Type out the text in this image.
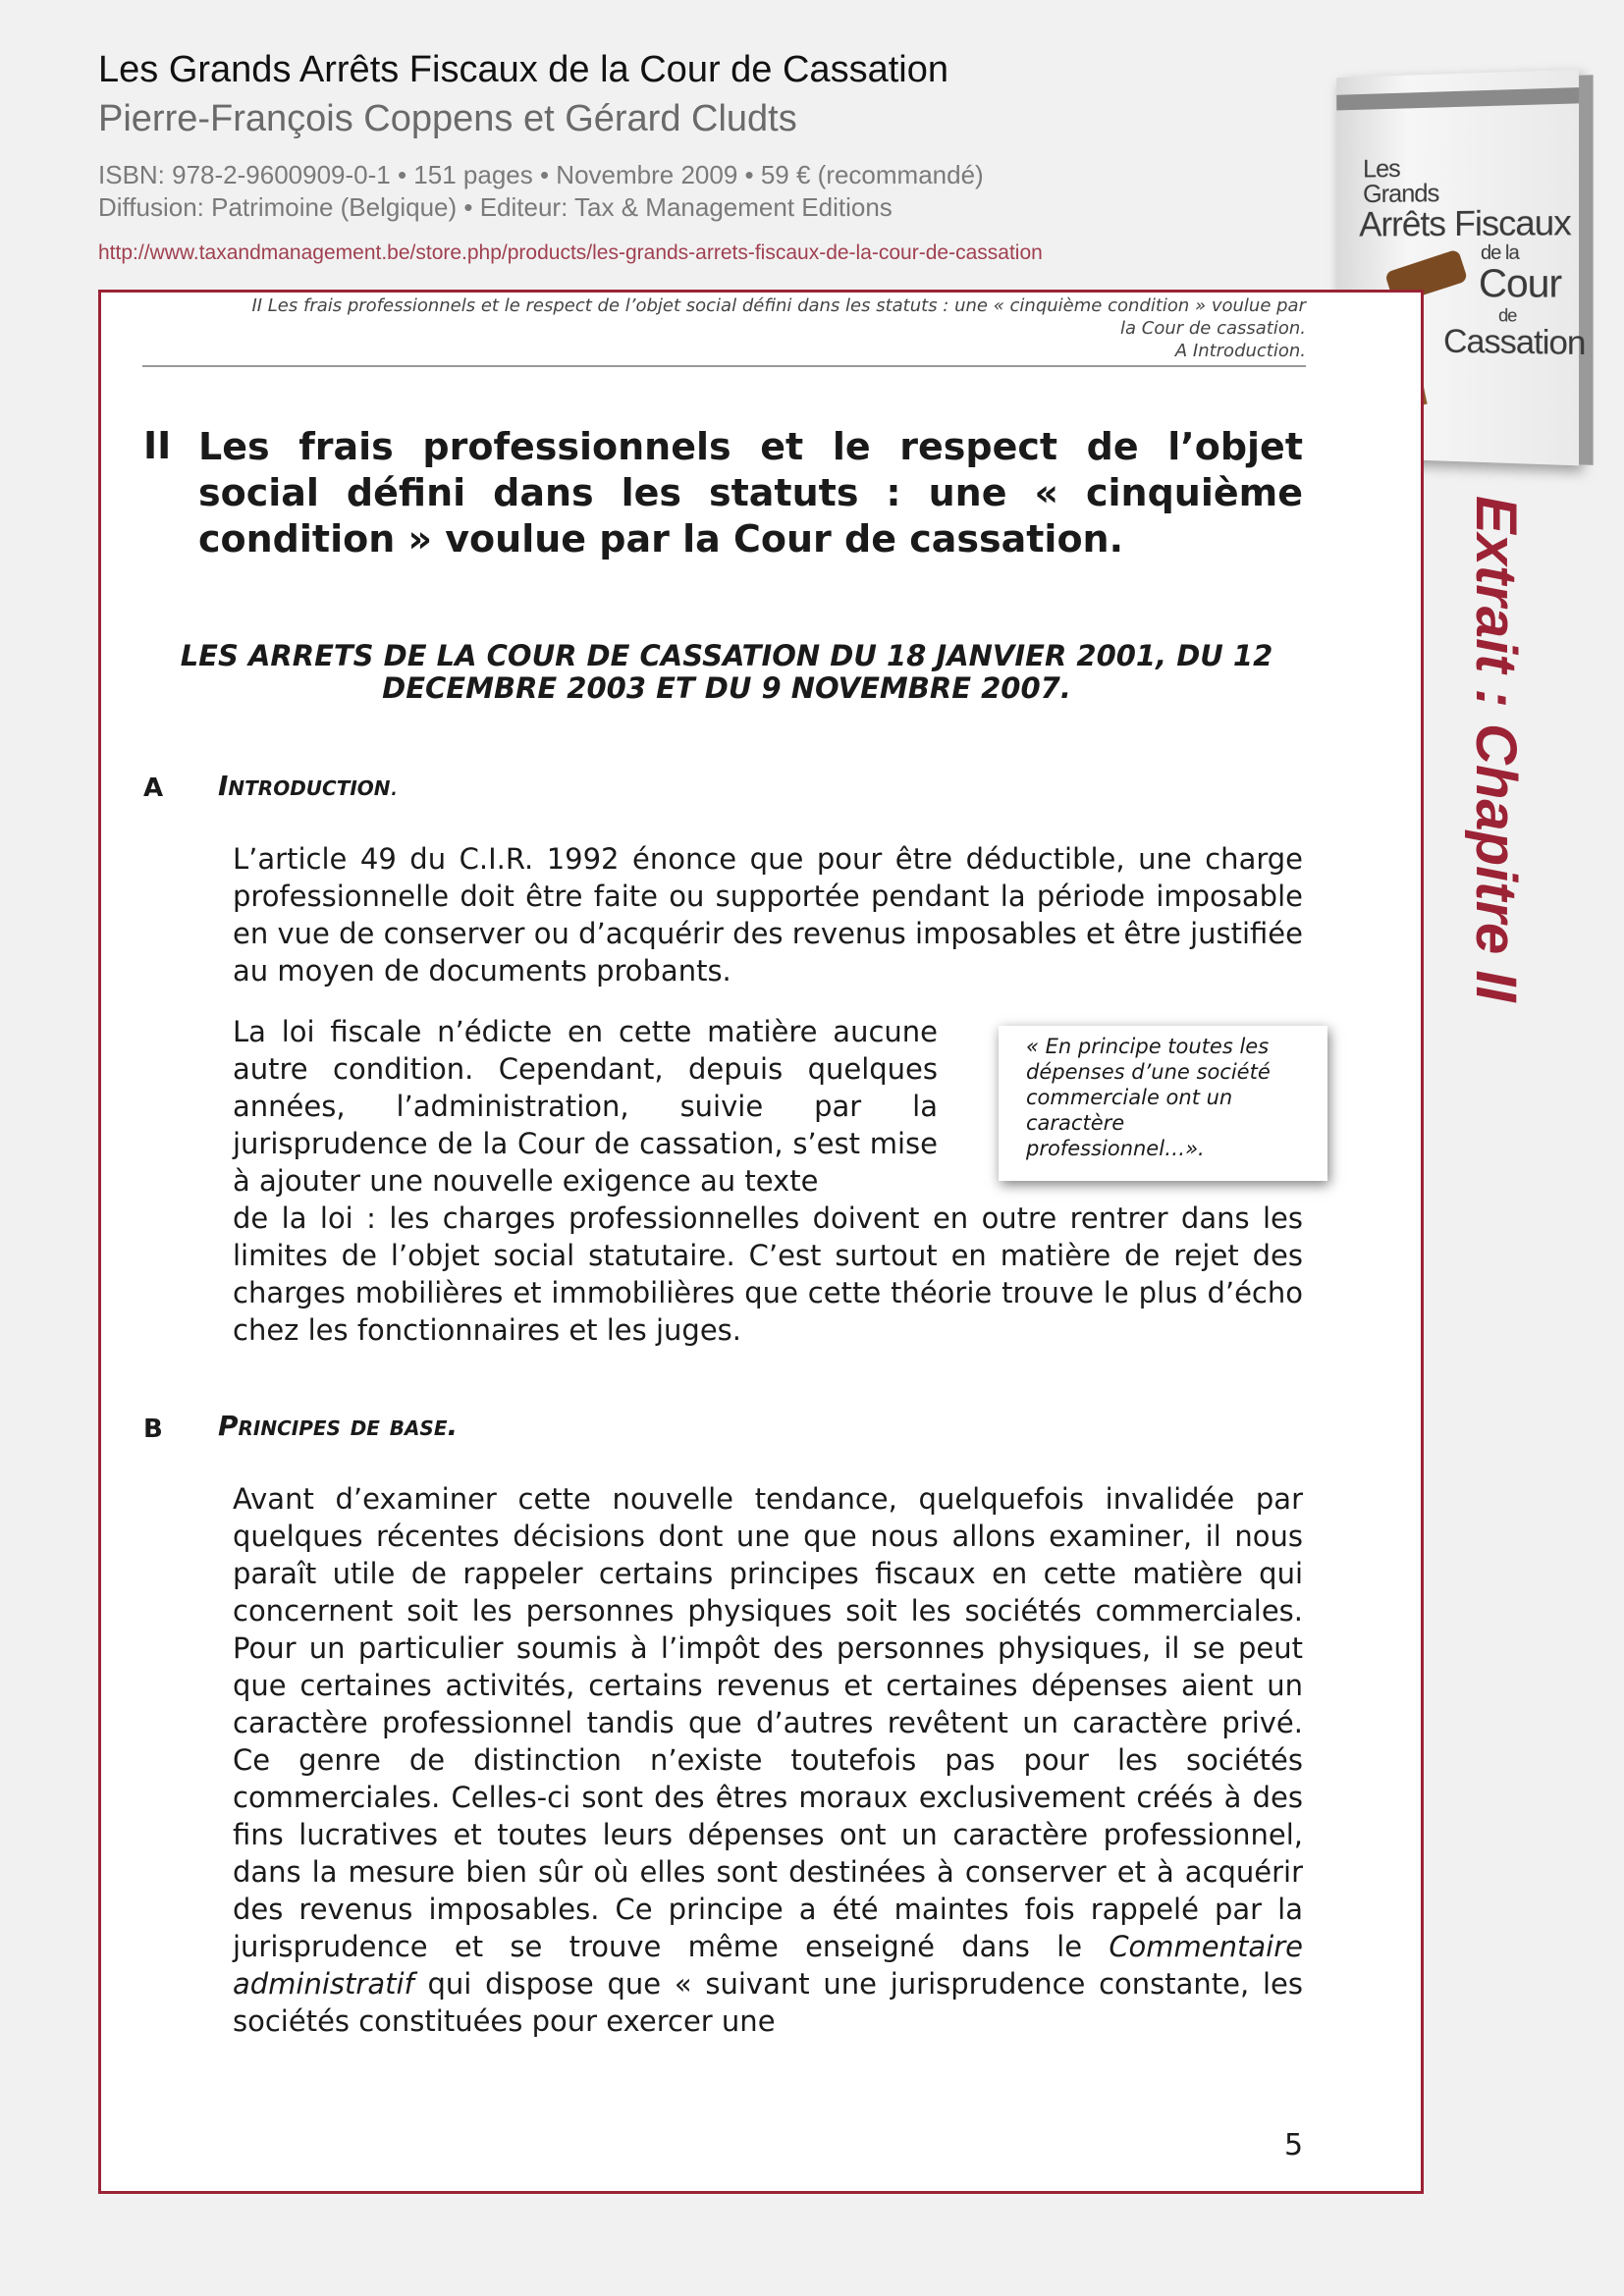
Les Grands Arrêts Fiscaux de la Cour de Cassation
Pierre-François Coppens et Gérard Cludts
ISBN: 978-2-9600909-0-1 • 151 pages • Novembre 2009 • 59 € (recommandé)
Diffusion: Patrimoine (Belgique) • Editeur: Tax & Management Editions
http://www.taxandmanagement.be/store.php/products/les-grands-arrets-fiscaux-de-la-cour-de-cassation
Les
Grands
Arrêts Fiscaux
de la
Cour
de
Cassation
Extrait : Chapitre II
II Les frais professionnels et le respect de l’objet social défini dans les statuts : une « cinquième condition » voulue par
la Cour de cassation.
A Introduction.
II Les frais professionnels et le respect de l’objet social défini dans les statuts : une « cinquième condition » voulue par la Cour de cassation.
LES ARRETS DE LA COUR DE CASSATION DU 18 JANVIER 2001, DU 12
DECEMBRE 2003 ET DU 9 NOVEMBRE 2007.
A Introduction.

L’article 49 du C.I.R. 1992 énonce que pour être déductible, une charge professionnelle doit être faite ou supportée pendant la période imposable en vue de conserver ou d’acquérir des revenus imposables et être justifiée au moyen de documents probants.

La loi fiscale n’édicte en cette matière aucune autre condition. Cependant, depuis quelques années, l’administration, suivie par la jurisprudence de la Cour de cassation, s’est mise à ajouter une nouvelle exigence au texte

de la loi : les charges professionnelles doivent en outre rentrer dans les limites de l’objet social statutaire. C’est surtout en matière de rejet des charges mobilières et immobilières que cette théorie trouve le plus d’écho chez les fonctionnaires et les juges.

« En principe toutes les dépenses d’une société commerciale ont un caractère professionnel…».
B Principes de base.

Avant d’examiner cette nouvelle tendance, quelquefois invalidée par quelques récentes décisions dont une que nous allons examiner, il nous paraît utile de rappeler certains principes fiscaux en cette matière qui concernent soit les personnes physiques soit les sociétés commerciales. Pour un particulier soumis à l’impôt des personnes physiques, il se peut que certaines activités, certains revenus et certaines dépenses aient un caractère professionnel tandis que d’autres revêtent un caractère privé. Ce genre de distinction n’existe toutefois pas pour les sociétés commerciales. Celles-ci sont des êtres moraux exclusivement créés à des fins lucratives et toutes leurs dépenses ont un caractère professionnel, dans la mesure bien sûr où elles sont destinées à conserver et à acquérir des revenus imposables. Ce principe a été maintes fois rappelé par la jurisprudence et se trouve même enseigné dans le Commentaire administratif qui dispose que « suivant une jurisprudence constante, les sociétés constituées pour exercer une

5
